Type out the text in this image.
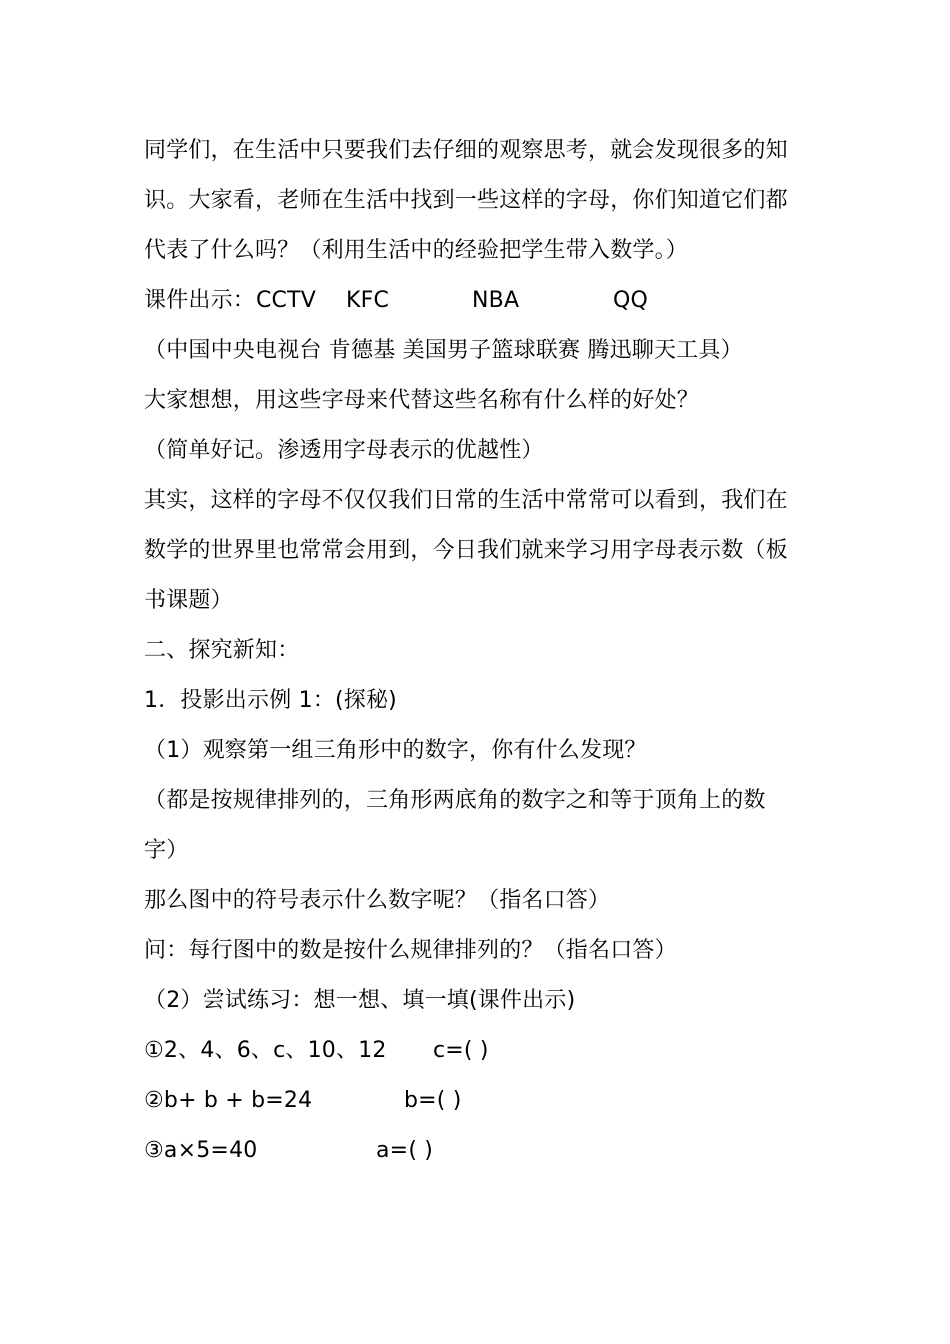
同学们，在生活中只要我们去仔细的观察思考，就会发现很多的知
识。大家看，老师在生活中找到一些这样的字母，你们知道它们都
代表了什么吗？（利用生活中的经验把学生带入数学。）
课件出示： CCTV KFC	NBA	QQ
（中国中央电视台 肯德基 美国男子篮球联赛 腾迅聊天工具）
大家想想，用这些字母来代替这些名称有什么样的好处？
（简单好记。渗透用字母表示的优越性）
其实，这样的字母不仅仅我们日常的生活中常常可以看到，我们在
数学的世界里也常常会用到，今日我们就来学习用字母表示数（板
书课题）
二、探究新知：
1．投影出示例 1：(探秘)
（1）观察第一组三角形中的数字，你有什么发现？
（都是按规律排列的，三角形两底角的数字之和等于顶角上的数
字）
那么图中的符号表示什么数字呢？（指名口答）
问：每行图中的数是按什么规律排列的？（指名口答）
（2）尝试练习：想一想、填一填(课件出示)
①2、4、6、c、10、12 c=( )
②b+ b + b=24	b=( )
③a×5=40	a=( )
